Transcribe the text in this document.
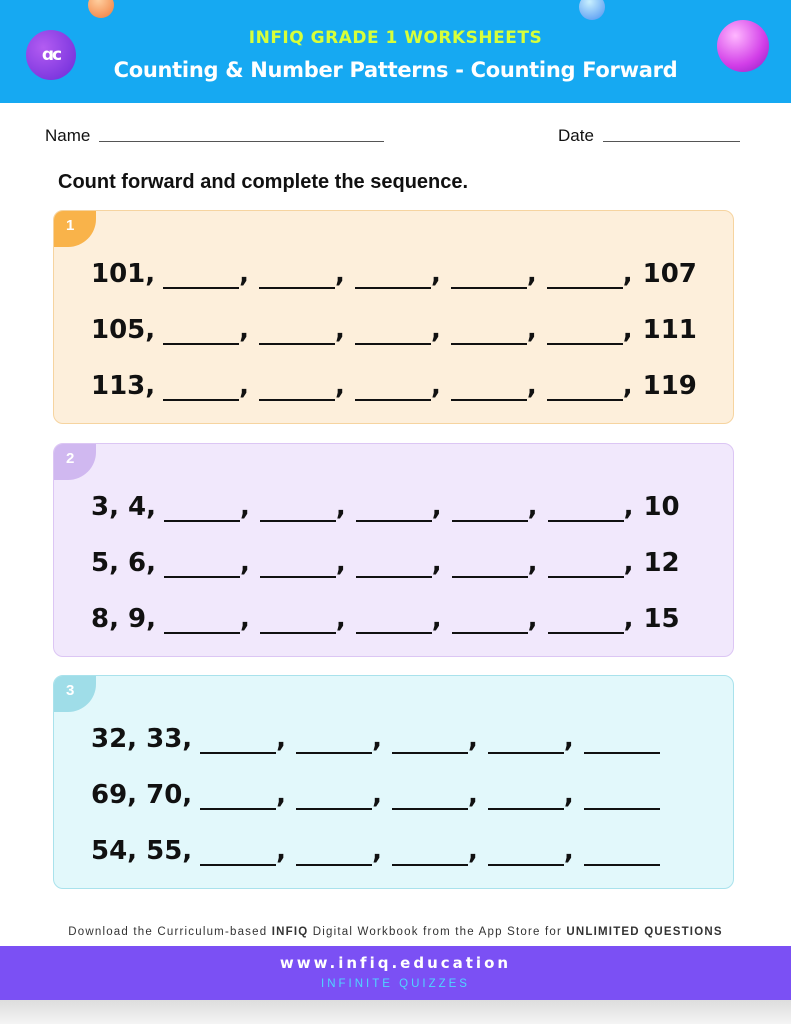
ɑc
INFIQ GRADE 1 WORKSHEETS
Counting & Number Patterns - Counting Forward
Name	Date
Count forward and complete the sequence.
1
101,	,	,	,	,	, 107
105,	,	,	,	,	, 111
113,	,	,	,	,	, 119
2
3, 4,	,	,	,	,	, 10
5, 6,	,	,	,	,	, 12
8, 9,	,	,	,	,	, 15
3
32, 33,	,	,	,	,
69, 70,	,	,	,	,
54, 55,	,	,	,	,
Download the Curriculum-based INFIQ Digital Workbook from the App Store for UNLIMITED QUESTIONS
www.infiq.education
INFINITE QUIZZES
